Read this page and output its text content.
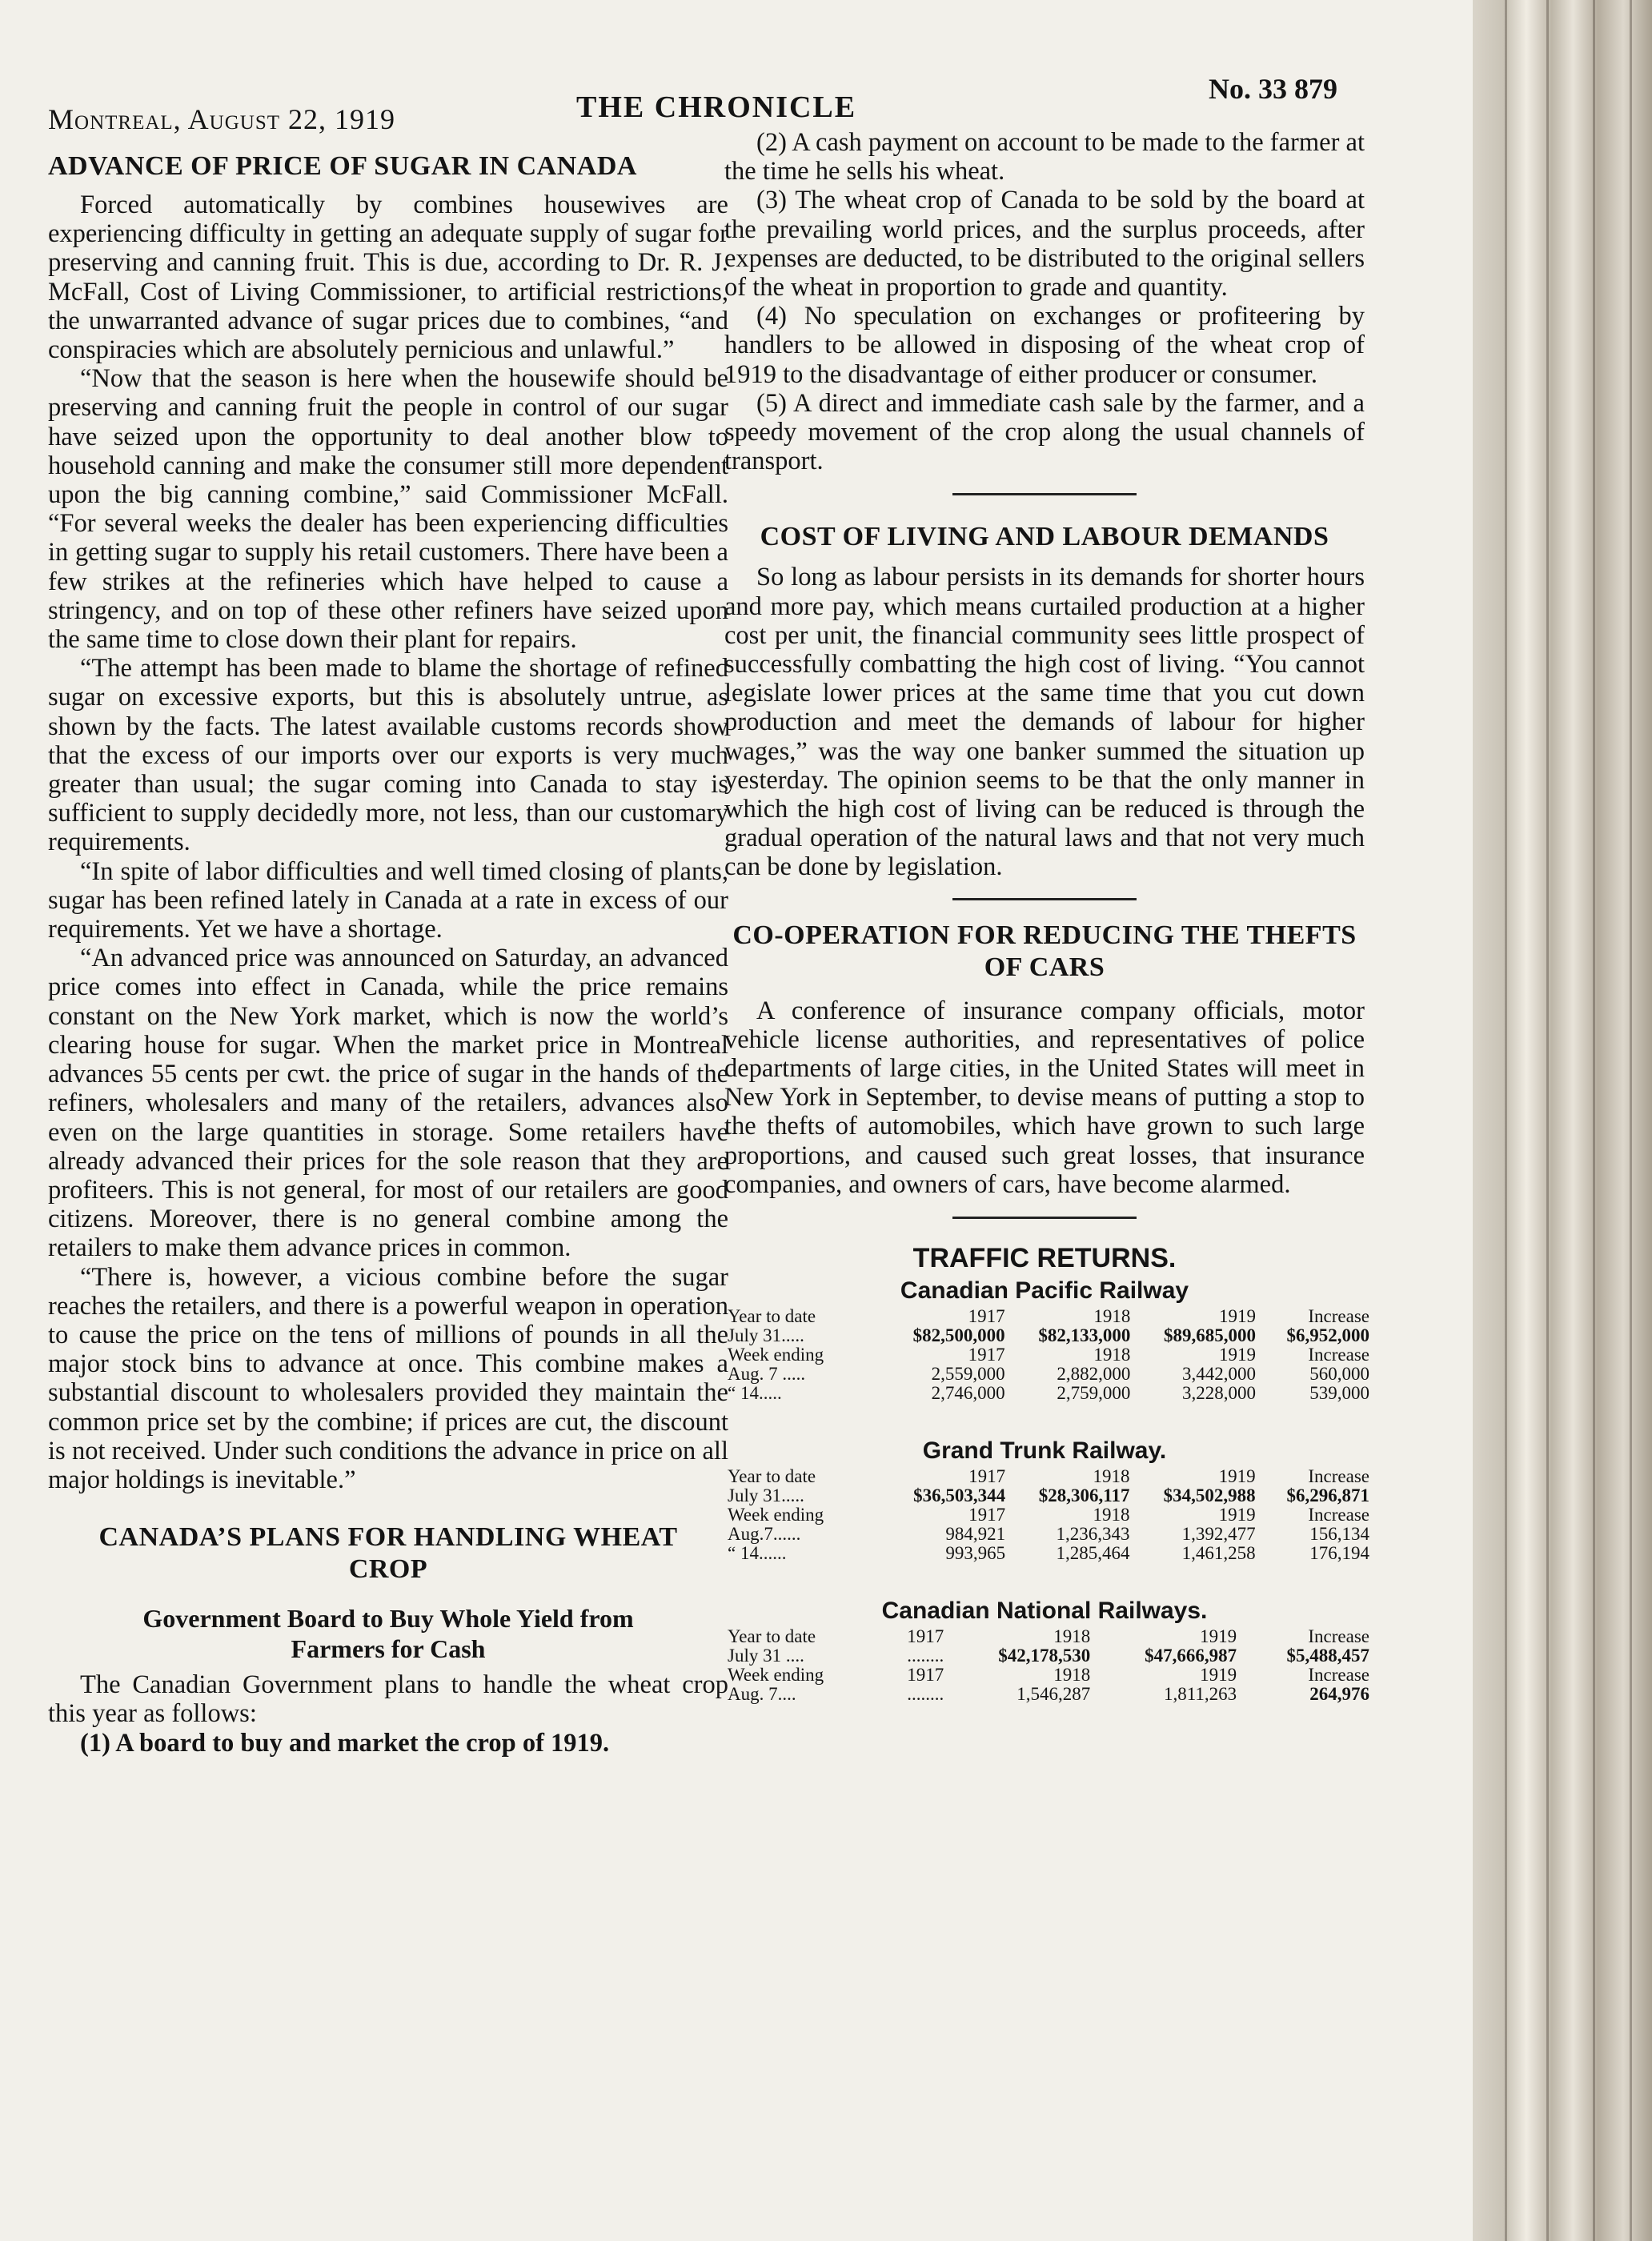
Montreal, August 22, 1919	THE CHRONICLE
No. 33 879
ADVANCE OF PRICE OF SUGAR IN CANADA

Forced automatically by combines housewives are experiencing difficulty in getting an adequate supply of sugar for preserving and canning fruit. This is due, according to Dr. R. J. McFall, Cost of Living Commissioner, to artificial restrictions, the unwarranted advance of sugar prices due to combines, “and conspiracies which are absolutely pernicious and unlawful.”

“Now that the season is here when the housewife should be preserving and canning fruit the people in control of our sugar have seized upon the opportunity to deal another blow to household canning and make the consumer still more dependent upon the big canning combine,” said Commissioner McFall. “For several weeks the dealer has been experiencing difficulties in getting sugar to supply his retail customers. There have been a few strikes at the refineries which have helped to cause a stringency, and on top of these other refiners have seized upon the same time to close down their plant for repairs.

“The attempt has been made to blame the shortage of refined sugar on excessive exports, but this is absolutely untrue, as shown by the facts. The latest available customs records show that the excess of our imports over our exports is very much greater than usual; the sugar coming into Canada to stay is sufficient to supply decidedly more, not less, than our customary requirements.

“In spite of labor difficulties and well timed closing of plants, sugar has been refined lately in Canada at a rate in excess of our requirements. Yet we have a shortage.

“An advanced price was announced on Saturday, an advanced price comes into effect in Canada, while the price remains constant on the New York market, which is now the world’s clearing house for sugar. When the market price in Montreal advances 55 cents per cwt. the price of sugar in the hands of the refiners, wholesalers and many of the retailers, advances also even on the large quantities in storage. Some retailers have already advanced their prices for the sole reason that they are profiteers. This is not general, for most of our retailers are good citizens. Moreover, there is no general combine among the retailers to make them advance prices in common.

“There is, however, a vicious combine before the sugar reaches the retailers, and there is a powerful weapon in operation to cause the price on the tens of millions of pounds in all the major stock bins to advance at once. This combine makes a substantial discount to wholesalers provided they maintain the common price set by the combine; if prices are cut, the discount is not received. Under such conditions the advance in price on all major holdings is inevitable.”

CANADA’S PLANS FOR HANDLING WHEAT CROP
Government Board to Buy Whole Yield from Farmers for Cash

The Canadian Government plans to handle the wheat crop this year as follows:

(1) A board to buy and market the crop of 1919.

(2) A cash payment on account to be made to the farmer at the time he sells his wheat.

(3) The wheat crop of Canada to be sold by the board at the prevailing world prices, and the surplus proceeds, after expenses are deducted, to be distributed to the original sellers of the wheat in proportion to grade and quantity.

(4) No speculation on exchanges or profiteering by handlers to be allowed in disposing of the wheat crop of 1919 to the disadvantage of either producer or consumer.

(5) A direct and immediate cash sale by the farmer, and a speedy movement of the crop along the usual channels of transport.

COST OF LIVING AND LABOUR DEMANDS

So long as labour persists in its demands for shorter hours and more pay, which means curtailed production at a higher cost per unit, the financial community sees little prospect of successfully combatting the high cost of living. “You cannot legislate lower prices at the same time that you cut down production and meet the demands of labour for higher wages,” was the way one banker summed the situation up yesterday. The opinion seems to be that the only manner in which the high cost of living can be reduced is through the gradual operation of the natural laws and that not very much can be done by legislation.

CO-OPERATION FOR REDUCING THE THEFTS
OF CARS

A conference of insurance company officials, motor vehicle license authorities, and representatives of police departments of large cities, in the United States will meet in New York in September, to devise means of putting a stop to the thefts of automobiles, which have grown to such large proportions, and caused such great losses, that insurance companies, and owners of cars, have become alarmed.

TRAFFIC RETURNS.
Canadian Pacific Railway
Year to date	1917	1918	1919	Increase
July 31.....	$82,500,000	$82,133,000	$89,685,000	$6,952,000
Week ending	1917	1918	1919	Increase
Aug. 7 .....	2,559,000	2,882,000	3,442,000	560,000
“ 14.....	2,746,000	2,759,000	3,228,000	539,000
Grand Trunk Railway.
Year to date	1917	1918	1919	Increase
July 31.....	$36,503,344	$28,306,117	$34,502,988	$6,296,871
Week ending	1917	1918	1919	Increase
Aug.7......	984,921	1,236,343	1,392,477	156,134
“ 14......	993,965	1,285,464	1,461,258	176,194
Canadian National Railways.
Year to date	1917	1918	1919	Increase
July 31 ....	........	$42,178,530	$47,666,987	$5,488,457
Week ending	1917	1918	1919	Increase
Aug. 7....	........	1,546,287	1,811,263	264,976
